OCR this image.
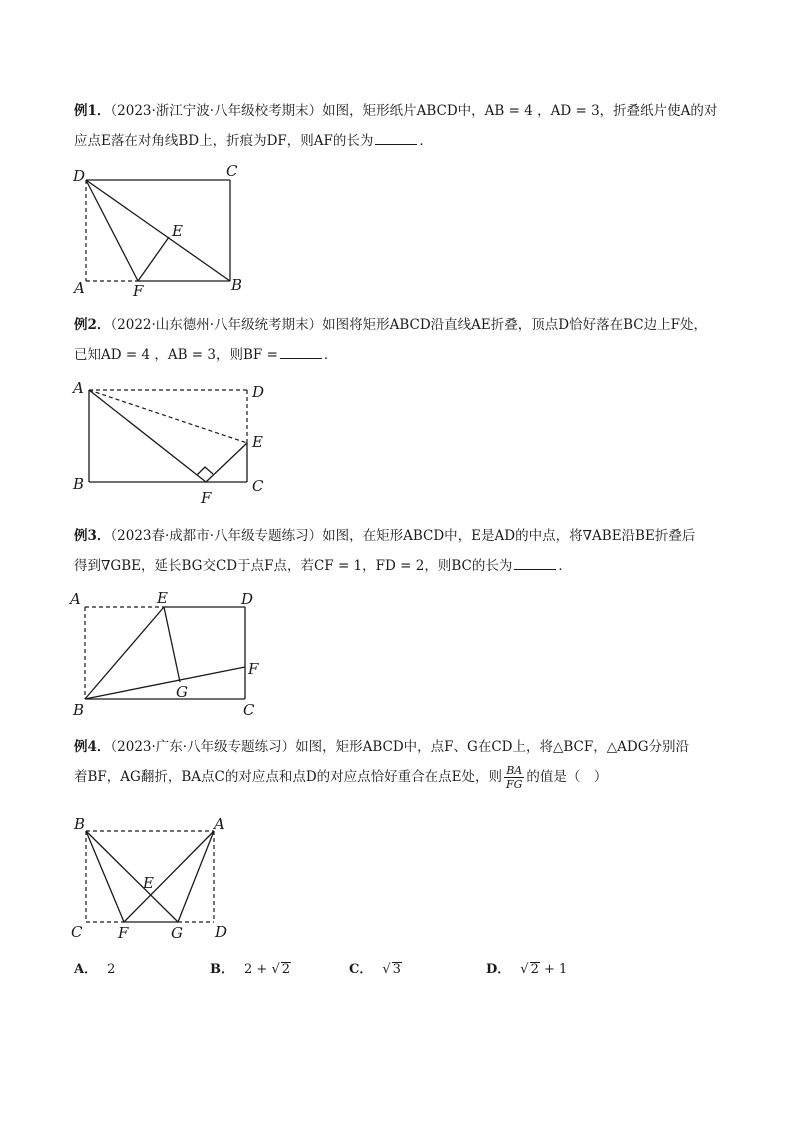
例1．（2023·浙江宁波·八年级校考期末）如图，矩形纸片ABCD中，AB = 4 ，AD = 3，折叠纸片使A的对

应点E落在对角线BD上，折痕为DF，则AF的长为	．

D	C
E
A	F	B

例2．（2022·山东德州·八年级统考期末）如图将矩形ABCD沿直线AE折叠，顶点D恰好落在BC边上F处，

已知AD = 4 ，AB = 3，则BF =	．

A	D
E
B
F
C

例3．（2023春·成都市·八年级专题练习）如图，在矩形ABCD中，E是AD的中点，将∇ABE沿BE折叠后

得到∇GBE，延长BG交CD于点F点，若CF = 1，FD = 2，则BC的长为	．

A	E	D
F
G
B	C

例4．（2023·广东·八年级专题练习）如图，矩形ABCD中，点F、G在CD上，将△BCF，△ADG分别沿

着BF，AG翻折，BA点C的对应点和点D的对应点恰好重合在点E处，则 $\frac{BA}{FG}$ 的值是（　）

B	A
E
C F	G D
A． 2	B． 2 + √ 2	C． √ 3	D． √ 2 + 1
